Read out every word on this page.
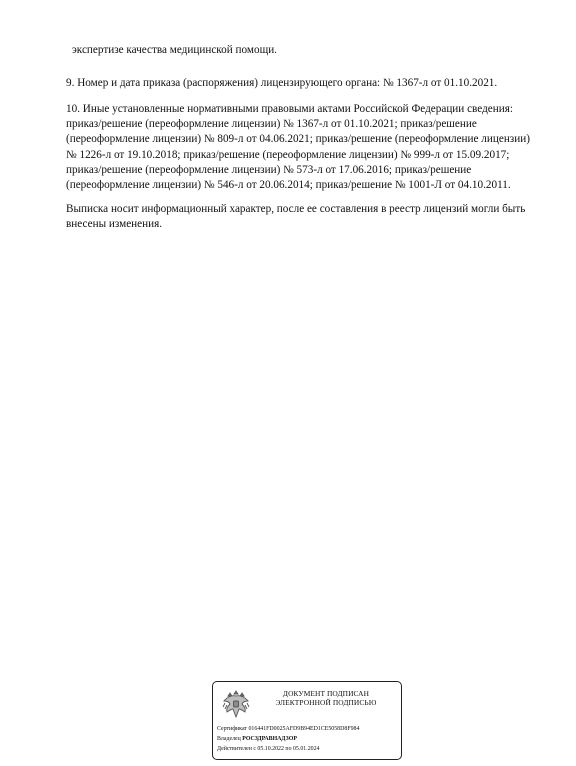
экспертизе качества медицинской помощи.

9. Номер и дата приказа (распоряжения) лицензирующего органа: № 1367-л от 01.10.2021.

10. Иные установленные нормативными правовыми актами Российской Федерации сведения:
приказ/решение (переоформление лицензии) № 1367-л от 01.10.2021; приказ/решение
(переоформление лицензии) № 809-л от 04.06.2021; приказ/решение (переоформление лицензии)
№ 1226-л от 19.10.2018; приказ/решение (переоформление лицензии) № 999-л от 15.09.2017;
приказ/решение (переоформление лицензии) № 573-л от 17.06.2016; приказ/решение
(переоформление лицензии) № 546-л от 20.06.2014; приказ/решение № 1001-Л от 04.10.2011.

Выписка носит информационный характер, после ее составления в реестр лицензий могли быть
внесены изменения.

ДОКУМЕНТ ПОДПИСАН
ЭЛЕКТРОННОЙ ПОДПИСЬЮ
Сертификат 016441FD0025AFD9B94ED1CE5058D8F984
Владелец РОСЗДРАВНАДЗОР
Действителен с 05.10.2022 по 05.01.2024
